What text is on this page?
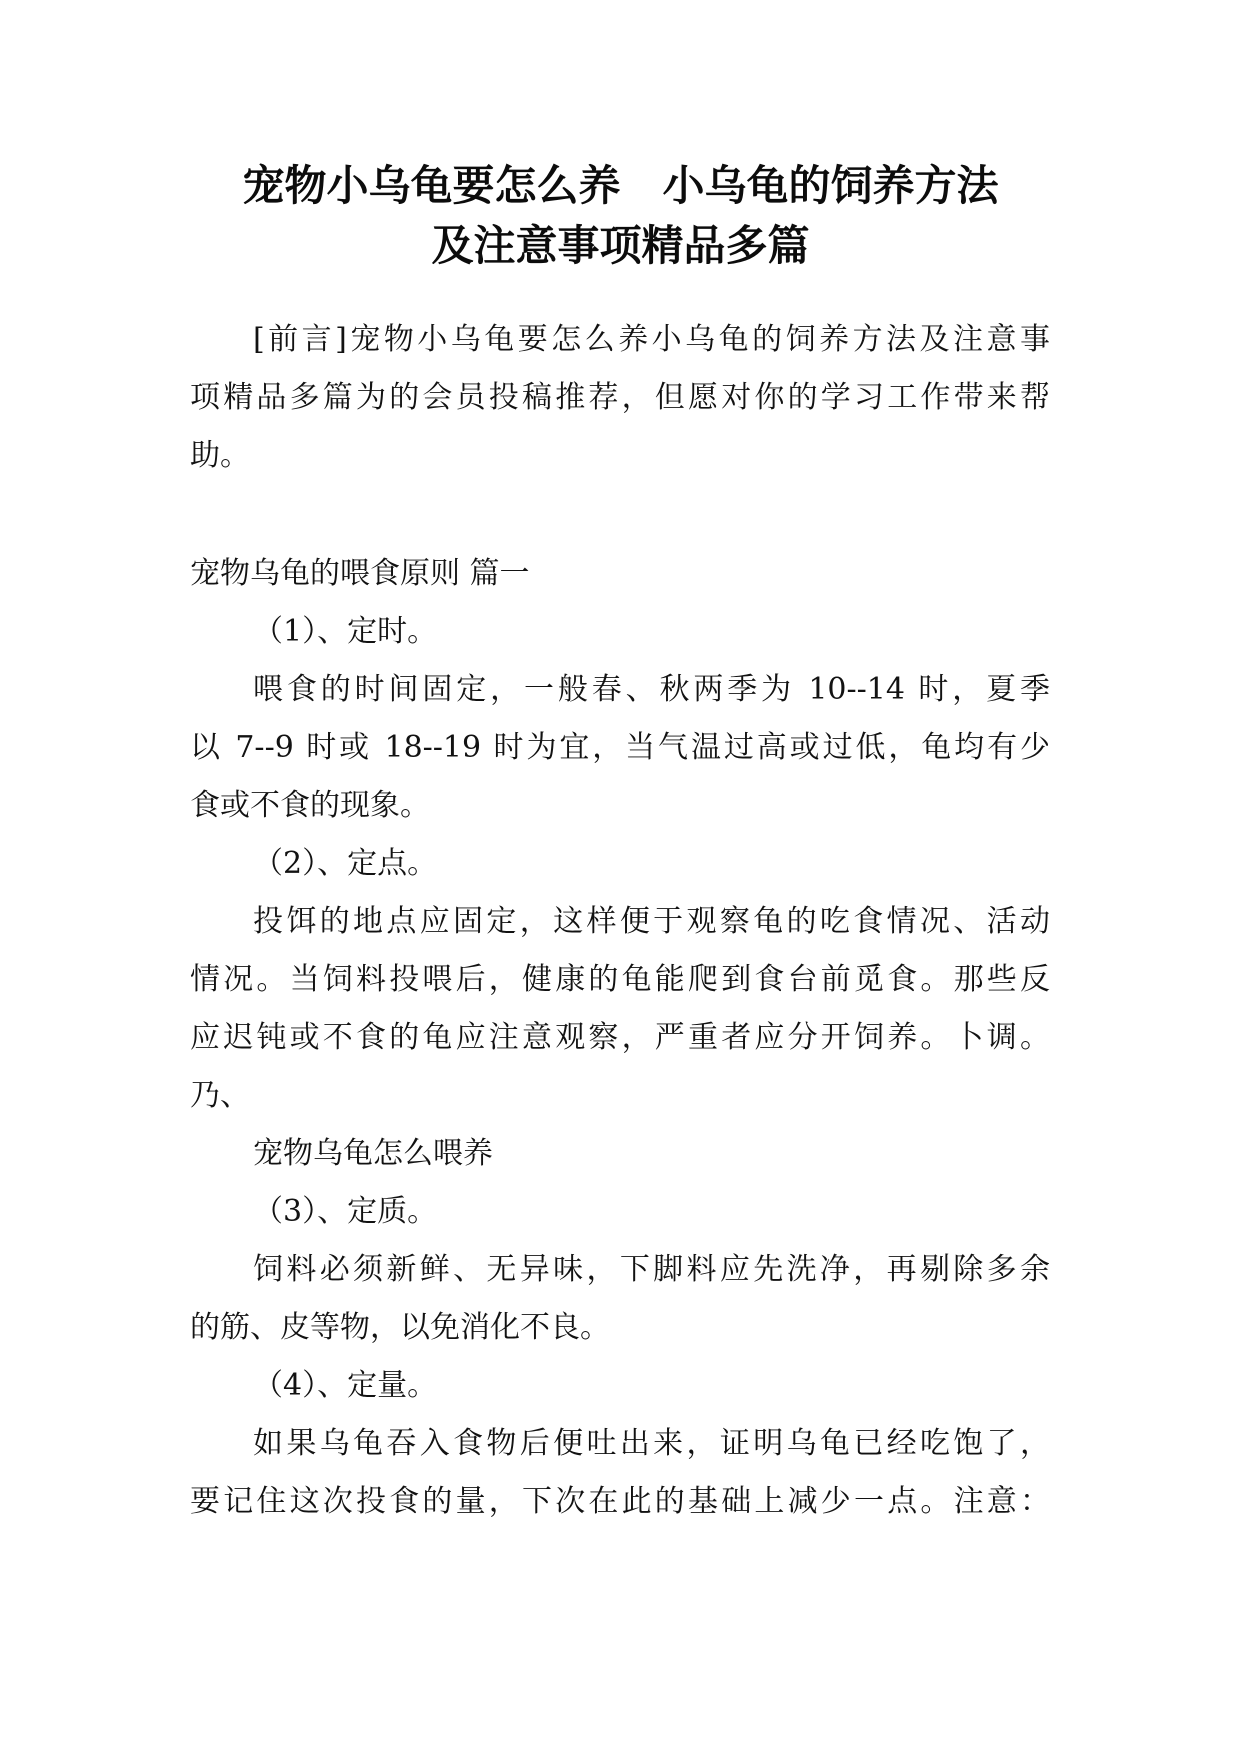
宠物小乌龟要怎么养　小乌龟的饲养方法
及注意事项精品多篇
[前言]宠物小乌龟要怎么养小乌龟的饲养方法及注意事
项精品多篇为的会员投稿推荐，但愿对你的学习工作带来帮
助。
宠物乌龟的喂食原则 篇一
（1）、定时。
喂食的时间固定，一般春、秋两季为 10--14 时，夏季
以 7--9 时或 18--19 时为宜，当气温过高或过低，龟均有少
食或不食的现象。
（2）、定点。
投饵的地点应固定，这样便于观察龟的吃食情况、活动
情况。当饲料投喂后，健康的龟能爬到食台前觅食。那些反
应迟钝或不食的龟应注意观察，严重者应分开饲养。卜调。
乃、
宠物乌龟怎么喂养
（3）、定质。
饲料必须新鲜、无异味，下脚料应先洗净，再剔除多余
的筋、皮等物，以免消化不良。
（4）、定量。
如果乌龟吞入食物后便吐出来，证明乌龟已经吃饱了，
要记住这次投食的量，下次在此的基础上减少一点。注意：
